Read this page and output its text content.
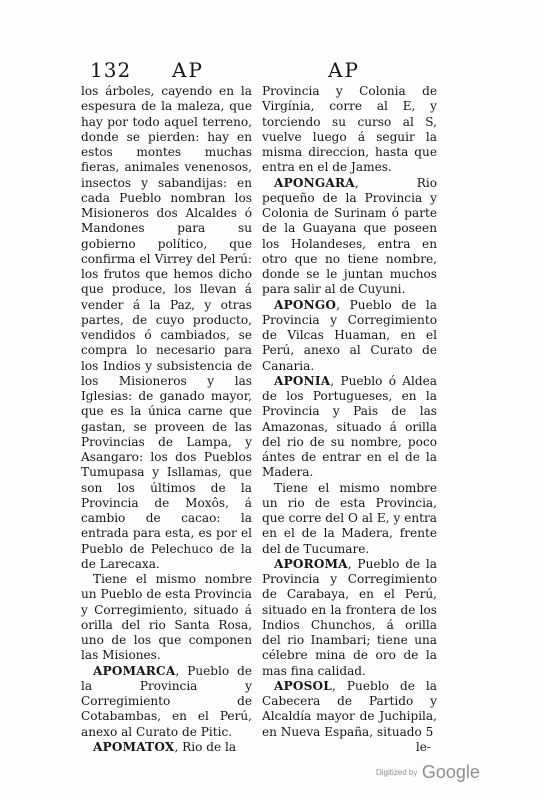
132 AP	AP

los árboles, cayendo en la espesura de la maleza, que hay por todo aquel terreno, donde se pierden: hay en estos montes muchas fieras, animales venenosos, insectos y sabandijas: en cada Pueblo nombran los Misioneros dos Alcaldes ó Mandones para su gobierno político, que confirma el Virrey del Perú: los frutos que hemos dicho que produce, los llevan á vender á la Paz, y otras partes, de cuyo producto, vendidos ó cambiados, se compra lo necesario para los Indios y subsistencia de los Misioneros y las Iglesias: de ganado mayor, que es la única carne que gastan, se proveen de las Provincias de Lampa, y Asangaro: los dos Pueblos Tumupasa y Isllamas, que son los últimos de la Provincia de Moxôs, á cambio de cacao: la entrada para esta, es por el Pueblo de Pelechuco de la de Larecaxa.

Tiene el mismo nombre un Pueblo de esta Provincia y Corregimiento, situado á orilla del rio Santa Rosa, uno de los que componen las Misiones.

APOMARCA, Pueblo de la Provincia y Corregimiento de Cotabambas, en el Perú, anexo al Curato de Pitic.

APOMATOX, Rio de la

Provincia y Colonia de Virgínia, corre al E, y torciendo su curso al S, vuelve luego á seguir la misma direccion, hasta que entra en el de James.

APONGARA, Rio pequeño de la Provincia y Colonia de Surinam ó parte de la Guayana que poseen los Holandeses, entra en otro que no tiene nombre, donde se le juntan muchos para salir al de Cuyuni.

APONGO, Pueblo de la Provincia y Corregimiento de Vilcas Huaman, en el Perú, anexo al Curato de Canaria.

APONIA, Pueblo ó Aldea de los Portugueses, en la Provincia y Pais de las Amazonas, situado á orilla del rio de su nombre, poco ántes de entrar en el de la Madera.

Tiene el mismo nombre un rio de esta Provincia, que corre del O al E, y entra en el de la Madera, frente del de Tucumare.

APOROMA, Pueblo de la Provincia y Corregimiento de Carabaya, en el Perú, situado en la frontera de los Indios Chunchos, á orilla del rio Inambari; tiene una célebre mina de oro de la mas fina calidad.

APOSOL, Pueblo de la Cabecera de Partido y Alcaldía mayor de Juchipila, en Nueva España, situado 5

le-

Digitized by Google
